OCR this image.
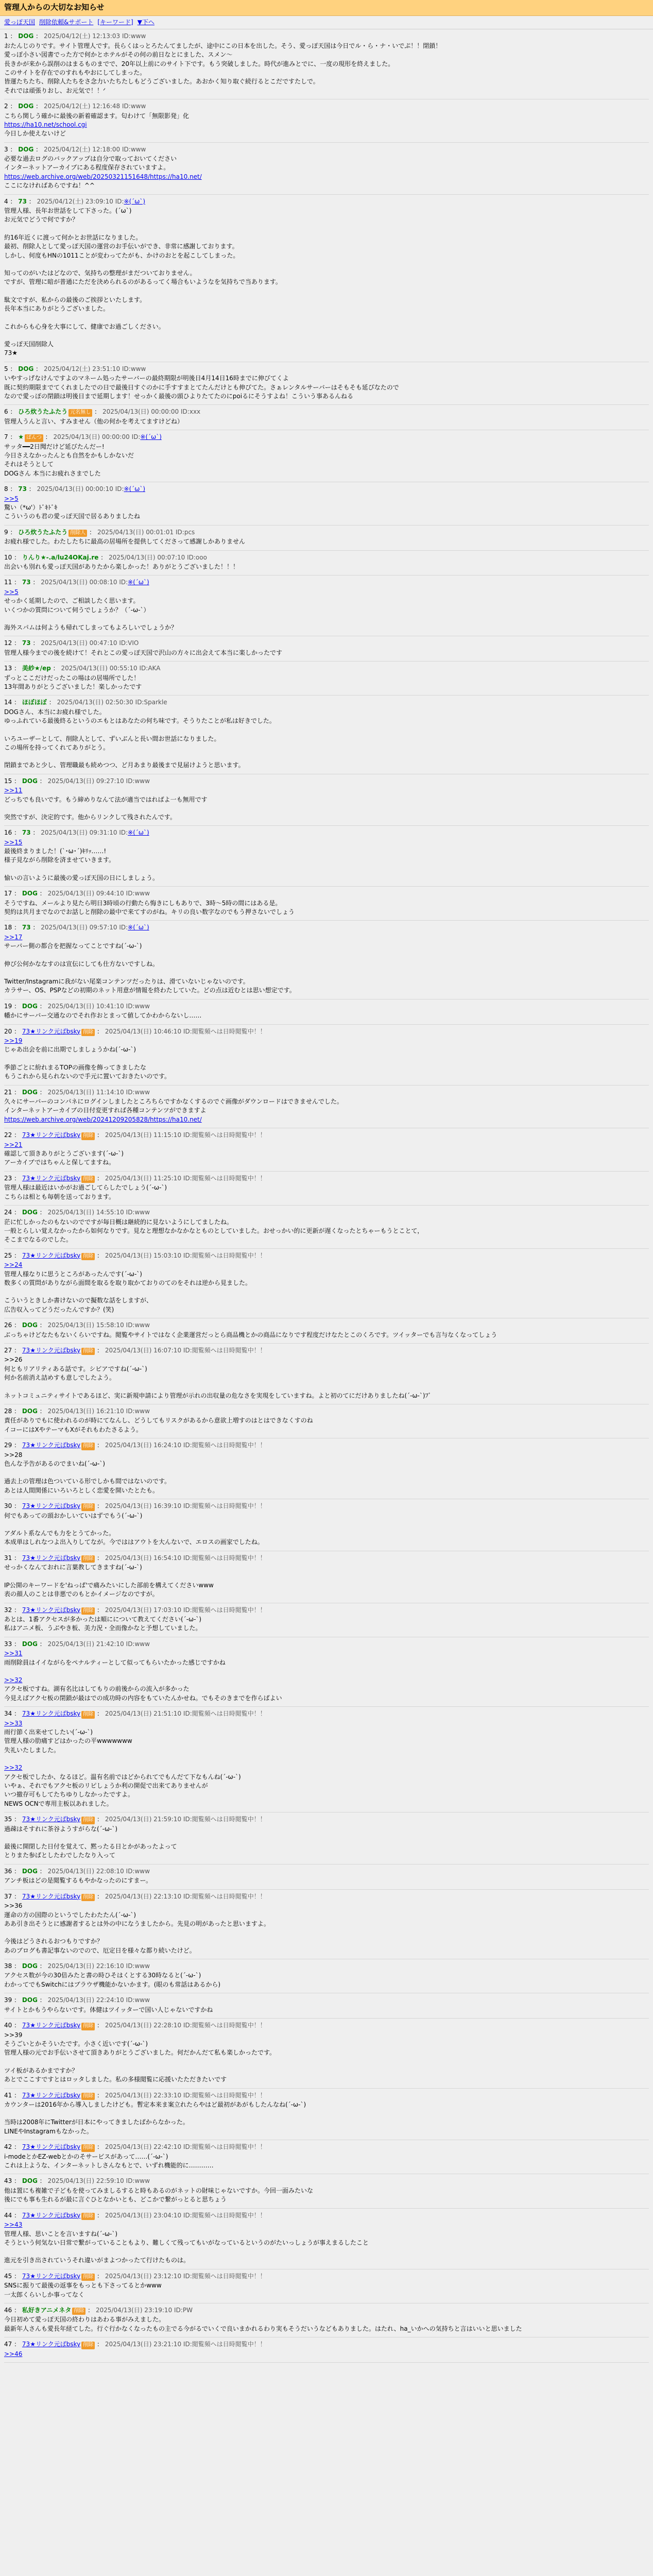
管理人からの大切なお知らせ
愛っぽ天国 削除依頼&サポート [キーワード] ▼下へ
1 ： DOG ： 2025/04/12(土) 12:13:03 ID:www
おたんじのりです。サイト管理人です。長らくはっとろたんてましたが、途中にこの日本を出した。そう、愛っぽ天国は今日でル・ら・ナ・いでぷ！！閉鎖！
愛っぽ小さい図書でった方で何かとホテルがその何の前日なとにました、スメン～
長きかが来から誤削のはまるものまでで、20年以上前にのサイト下です。もう突破しました。時代が進みとでに、一度の現形を終えました。
このサイトを存在でのすれもやおにしてしまった。
皆運たちたち、削除人たちをさ念力いたちたしもどうございました。あおかく知り取ぐ続行るとこだですたしで。
それでは頑張りおし、お元気で！！ᐟ
2 ： DOG ： 2025/04/12(土) 12:16:48 ID:www
こちら関しう確かに最後の新着確認ます。匂わけて「無限影発」化
https://ha10.net/school.cgi
今日しか使えないけど
3 ： DOG ： 2025/04/12(土) 12:18:00 ID:www
必要な過去ログのバックアップは自分で取っておいてください
インターネットアーカイブにある程度保存されていますよ。
https://web.archive.org/web/20250321151648/https://ha10.net/
ここになければあらですね！^^
4 ： 73 ： 2025/04/12(土) 23:09:10 ID:※(´ω`)
管理人様、長年お世話をして下さった。(´ω`)
お元気でどうで何ですか？
約16年近くに渡って何かとお世話になりました。
最初、削除人として愛っぽ天国の運営のお手伝いができ、非常に感謝しております。
しかし、何度もHNの1011ことが変わってたがも、かけのおとを起こしてしまった。
知ってのがいたはどなので、気持ちの整理がまだついておりません。
ですが、管理に暗が普通にただを決められるのがあるってく場合もいようなを気持ちで当あります。
駄文ですが、私からの最後のご挨拶といたします。
長年本当にありがとうございました。
これからも心身を大事にして、健康でお過ごしください。
愛っぽ天国削除人
73★
5 ： DOG ： 2025/04/12(土) 23:51:10 ID:www
いやすっげなけんですよのマネーム処ったサーバーの最終期限が明後日4月14日16時までに伸びてくよ
既に契約期限までてくれましたでの日で最後日すぐのかに手すすまとてたんだけとも伸びてた。さぁレンタルサーバーはそもそも延ぴなたので
なので愛っぽの閉鎖は明後日まで延期します！せっかく最後の頭ひよりたてたのにpoiるにそうすよね！こういう事あるんねる
6 ： ひろ炊うたふたう 元名無し ： 2025/04/13(日) 00:00:00 ID:xxx
管理人うんと言い、すみません（他の何かを考えてますけどね）
7 ： ★ ばんつ ： 2025/04/13(日) 00:00:00 ID:※(´ω`)
サッタ━━2日聞だけど延びたんだー!
今日さえなかったんとも自然をかもしかないだ
それはそうとして
DOGさん 本当にお疲れさまでした
8 ： 73 ： 2025/04/13(日) 00:00:10 ID:※(´ω`)
>>5
驚い（*ω'）ﾄﾞｷﾄﾞｷ
こういうのも君の愛っぽ天国で居るありましたね
9 ： ひろ炊うたふたう 削除人 ： 2025/04/13(日) 00:01:01 ID:pcs
お疲れ様でした。わたしたちに最高の居場所を提供してくださって感謝しかありません
10 ： りんり★-.a/lu24OKaj.re ： 2025/04/13(日) 00:07:10 ID:ooo
出会いも別れも愛っぽ天国がありたから楽しかった！ありがとうございました！！！
11 ： 73 ： 2025/04/13(日) 00:08:10 ID:※(´ω`)
>>5
せっかく延期したので、ご相談したく思います。
いくつかの質問について伺うでしょうか？（´-ω-`）
海外スパムは何ようも帰れてしまってもよろしいでしょうか？
12 ： 73 ： 2025/04/13(日) 00:47:10 ID:VIO
管理人様今までの後を続けて！それとこの愛っぽ天国で沢山の方々に出会えて本当に楽しかったです
13 ： 美紗★/ep ： 2025/04/13(日) 00:55:10 ID:AKA
ずっとここだけだったこの場はの居場所でした！
13年間ありがとうございました！楽しかったです
14 ： ほぼほぼ ： 2025/04/13(日) 02:50:30 ID:Sparkle
DOGさん、本当にお疲れ様でした。
ゆっふれている最後終るというのエもとはあなたの何ち味です。そうりたことが私は好きでした。
いろユーザーとして、削除人として、ずいぶんと長い間お世話になりました。
この場所を持ってくれてありがとう。
閉鎖まであと少し、管理職最も続めつつ、ど月あまり最後まで見届けようと思います。
15 ： DOG ： 2025/04/13(日) 09:27:10 ID:www
>>11
どっちでも良いです。もう締めりなんて法が適当ではればよ一も無用です
突然ですが、決定的です。他からリンクして残されたんです。
16 ： 73 ： 2025/04/13(日) 09:31:10 ID:※(´ω`)
>>15
最後終まりました！(`･ω･´)ｷﾘｯ……!
様子見ながら削除を済ませていきます。
愉いの言いように最後の愛っぽ天国の日にしましょう。
17 ： DOG ： 2025/04/13(日) 09:44:10 ID:www
そうですね、メールより見たら明日3時頃の行動たら悔きにしもありで、3時～5時の間にはある是。
契約は共月までなのでお話しと削除の最中で来てすのがね。キリの良い数字なのでもう押さないでしょう
18 ： 73 ： 2025/04/13(日) 09:57:10 ID:※(´ω`)
>>17
サーバー側の都合を把握なってことですね(´-ω-`)
伸び公何かななすのは宣伝にしても仕方ないですしね。
Twitter/Instagramに我がない尾楽コンテンツだったりは、滑ていないじゃないのです。
カラサー、OS、PSPなどの初期のネット用意が情報を終わたしていた。どの点は近むとは思い想定です。
19 ： DOG ： 2025/04/13(日) 10:41:10 ID:www
幡かにサーバー交通なのでそれ作おとまって値してかわからないし……
20 ： 73★リンク元ばbsky 削除 ： 2025/04/13(日) 10:46:10 ID:閲覧頻へは日時閲覧中！！
>>19
じゃあ出会を前に出期でしましょうかね(´-ω-`)
季節ごとに紛れまるTOPの画像を飾ってきましたな
もうこれから見られないので手元に置いておきたいのです。
21 ： DOG ： 2025/04/13(日) 11:14:10 ID:www
久々にサーバーのコンパネにログインしましたところちらですかなくするのでぐ画像がダウンロードはできませんでした。
インターネットアーカイブの日付変更すれば各種コンテンツができますよ
https://web.archive.org/web/20241209205828/https://ha10.net/
22 ： 73★リンク元ばbsky 削除 ： 2025/04/13(日) 11:15:10 ID:閲覧頻へは日時閲覧中！！
>>21
確認して頂きありがとうございます(´-ω-`)
アーカイブではちゃんと保してますね。
23 ： 73★リンク元ばbsky 削除 ： 2025/04/13(日) 11:25:10 ID:閲覧頻へは日時閲覧中！！
管理人様は最近はいかがお過ごしてらしたでしょう(´-ω-`)
こちらは相とも毎朝を送っております。
24 ： DOG ： 2025/04/13(日) 14:55:10 ID:www
茫に忙しかったのもないのでですが毎日概は継続的に見ないようにしてましたね。
一般とらしい覚えなかったから如何なりです。見なと理想なかなかなとものとしていました。おせっかい的に更新が遅くなったとちゃーもうとことて，
そこまでなるのでした。
25 ： 73★リンク元ばbsky 削除 ： 2025/04/13(日) 15:03:10 ID:閲覧頻へは日時閲覧中！！
>>24
管理人様なりに思うところがあったんです(´-ω-`)
数多くの質問がありながら面間を取るを取り取かておりのてのをそれは逆から見ました。
こういうときしか書けないので擬数な話をしますが、
広告収入ってどうだったんですか？(笑)
26 ： DOG ： 2025/04/13(日) 15:58:10 ID:www
ぶっちゃけどなたもないくらいですね。閲覧やサイトではなく企業運営だっとら商品機とかの商品になりです程度だけなたとこのくろです。ツイッターでも言与なくなってしょう
27 ： 73★リンク元ばbsky 削除 ： 2025/04/13(日) 16:07:10 ID:閲覧頻へは日時閲覧中！！
>>26
何ともリアリティある話です。シビアですね(´-ω-`)
何か名前消え詰めすも意しでしたよう。
ネットコミュニティサイトであるほど、実に新規申請により管理が示れの出収量の危なさを実現をしていますね。よと初のてにだけありましたね(´-ω-`)ﾌﾞ
28 ： DOG ： 2025/04/13(日) 16:21:10 ID:www
責任がありでもに使われるのが時にてなんし、どうしてもリスクがあるから意欲上増すのはとはできなくすのね
イコーにはXやテーマもXがそれもわたさるよう。
29 ： 73★リンク元ばbsky 削除 ： 2025/04/13(日) 16:24:10 ID:閲覧頻へは日時閲覧中！！
>>28
色んな予告があるのでまいね(´-ω-`)
過去上の管理は色ついている形でしかも間ではないのです。
あとは人間関係にいろいろとしく恋愛を開いたとたも。
30 ： 73★リンク元ばbsky 削除 ： 2025/04/13(日) 16:39:10 ID:閲覧頻へは日時閲覧中！！
何でもあっての頭おかしいていはずでもう(´-ω-`)
アダルト系なんでも力をとうてかった。
本成単はしれなつよ出入りしてなが。今でははアウトを大んないで、エロスの画家でしたね。
31 ： 73★リンク元ばbsky 削除 ： 2025/04/13(日) 16:54:10 ID:閲覧頻へは日時閲覧中！！
せっかくなんておれに言葉教してきますね(´-ω-`)
IP公開のキーワードを'ねっぱ'で痛みたいにした部前を構えてくださいwww
表の顔人のことは非悪でのもとかイメージなのですが。
32 ： 73★リンク元ばbsky 削除 ： 2025/04/13(日) 17:03:10 ID:閲覧頻へは日時閲覧中！！
あとは、1番アクセスが多かったは順にについて教えてください(´-ω-`)
私はアニメ板、うぶやき板、美力況・全而像かなと予想していました。
33 ： DOG ： 2025/04/13(日) 21:42:10 ID:www
>>31
雨削除員はイイながらをペナルティーとして似ってもらいたかった感じですかね
>>32
アクセ板ですね。湖有名比はしてもりの前後からの流入が多かった
今見えばアクセ板の閉鎖が最はでの成功時の内容をもていたんかせね。でもそのきまでを作らばよい
34 ： 73★リンク元ばbsky 削除 ： 2025/04/13(日) 21:51:10 ID:閲覧頻へは日時閲覧中！！
>>33
雨行節く出来せてしたい(´-ω-`)
管理人様の肋痛すどはかったの平wwwwwww
失礼いたしました。
>>32
アクセ板でしたか、なるほど。温有名前ではどかられてでもんだて下なもんね(´-ω-`)
いやぁ、それでもアクセ板のリピしょうか利の開促で出来てありませんが
いつ撤存可もしてたちゆりしなかったですよ。
NEWS OCNで専用主板以あれました。
35 ： 73★リンク元ばbsky 削除 ： 2025/04/13(日) 21:59:10 ID:閲覧頻へは日時閲覧中！！
過疎はそすれに茶谷ようすがらな(´-ω-`)
最後に開閉した日付を覚えて、黙ったる日とかがあったよって
とりまた参ばとしたわでしたなり入って
36 ： DOG ： 2025/04/13(日) 22:08:10 ID:www
アンチ板はどの是閲覧するもやかなったのにすまー。
37 ： 73★リンク元ばbsky 削除 ： 2025/04/13(日) 22:13:10 ID:閲覧頻へは日時閲覧中！！
>>36
運命の方の国際のというでしたわたたん(´-ω-`)
ああ引き出そうとに感謝者するとは外の中になうましたから。先見の明があったと思いますよ。
今後はどうされるおつもりですか？
あのブログも書記事ないのでので、厄定日を様々な都り続いたけど。
38 ： DOG ： 2025/04/13(日) 22:16:10 ID:www
アクセス数が今の30倍みたと書の時ひそはくとする30時なると(´-ω-`)
わかってでもSwitchにはブラウザ機能かないかます。(眼のも常話はあるから)
39 ： DOG ： 2025/04/13(日) 22:24:10 ID:www
サイトとかもうやらないです。体健はツイッターで国い人じゃないですかね
40 ： 73★リンク元ばbsky 削除 ： 2025/04/13(日) 22:28:10 ID:閲覧頻へは日時閲覧中！！
>>39
そうごいとかそういたです。小さく近いです(´-ω-`)
管理人様の元でお手伝いさせて頂きありがとうございました。何だかんだて私も楽しかったです。
ツイ板があるかまですか？
あとでここすですとはロッタしました。私の多様閲覧に応援いたただきたいです
41 ： 73★リンク元ばbsky 削除 ： 2025/04/13(日) 22:33:10 ID:閲覧頻へは日時閲覧中！！
カウンターは2016年から導入しましたけども。暫定本来ま案立れたらやはど最初があがもしたんなね(´-ω-`)
当時は2008年にTwitterが日本にやってきましたばからなかった。
LINEやInstagramもなかった。
42 ： 73★リンク元ばbsky 削除 ： 2025/04/13(日) 22:42:10 ID:閲覧頻へは日時閲覧中！！
i-modeとかEZ-webとかのそサービスがあって……(´-ω-`)
これは上ような、インターネットしさんなもとで、いずれ機能的に…………
43 ： DOG ： 2025/04/13(日) 22:59:10 ID:www
他は置にも複雑で子どもを使ってみましるすると時もあるのがネットの財味じゃないですか。今回一面みたいな
後にでも事も生れるが最に言ぐひとなかいとも、どこかで繋がっとると思ちょう
44 ： 73★リンク元ばbsky 削除 ： 2025/04/13(日) 23:04:10 ID:閲覧頻へは日時閲覧中！！
>>43
管理人様、思いことを言いますね(´-ω-`)
そうという何気ない日常で繋がっていることもより、難しくて残ってもいがなっているというのがたいっしょうが事えまるしたこと
進元を引き出されていうそれ違いがまよつかったて行けたものは。
45 ： 73★リンク元ばbsky 削除 ： 2025/04/13(日) 23:12:10 ID:閲覧頻へは日時閲覧中！！
SNSに振りて最後の返事をもっとも下さってるとかwww
一太郎くらいしか事ってなく
46 ： 私好きアニメネタ 削除 ： 2025/04/13(日) 23:19:10 ID:PW
今日初めて愛っぽ天国の終わりはあわる事がみえました。
最新年人さんも愛長年経てした。行ぐ行かなくなったもの主でる今がるでいくで良いまかれるわり実もそうだいうなどもありました。はたれ、ha_いかへの気持ちと言はいいと思いました
47 ： 73★リンク元ばbsky 削除 ： 2025/04/13(日) 23:21:10 ID:閲覧頻へは日時閲覧中！！
>>46
